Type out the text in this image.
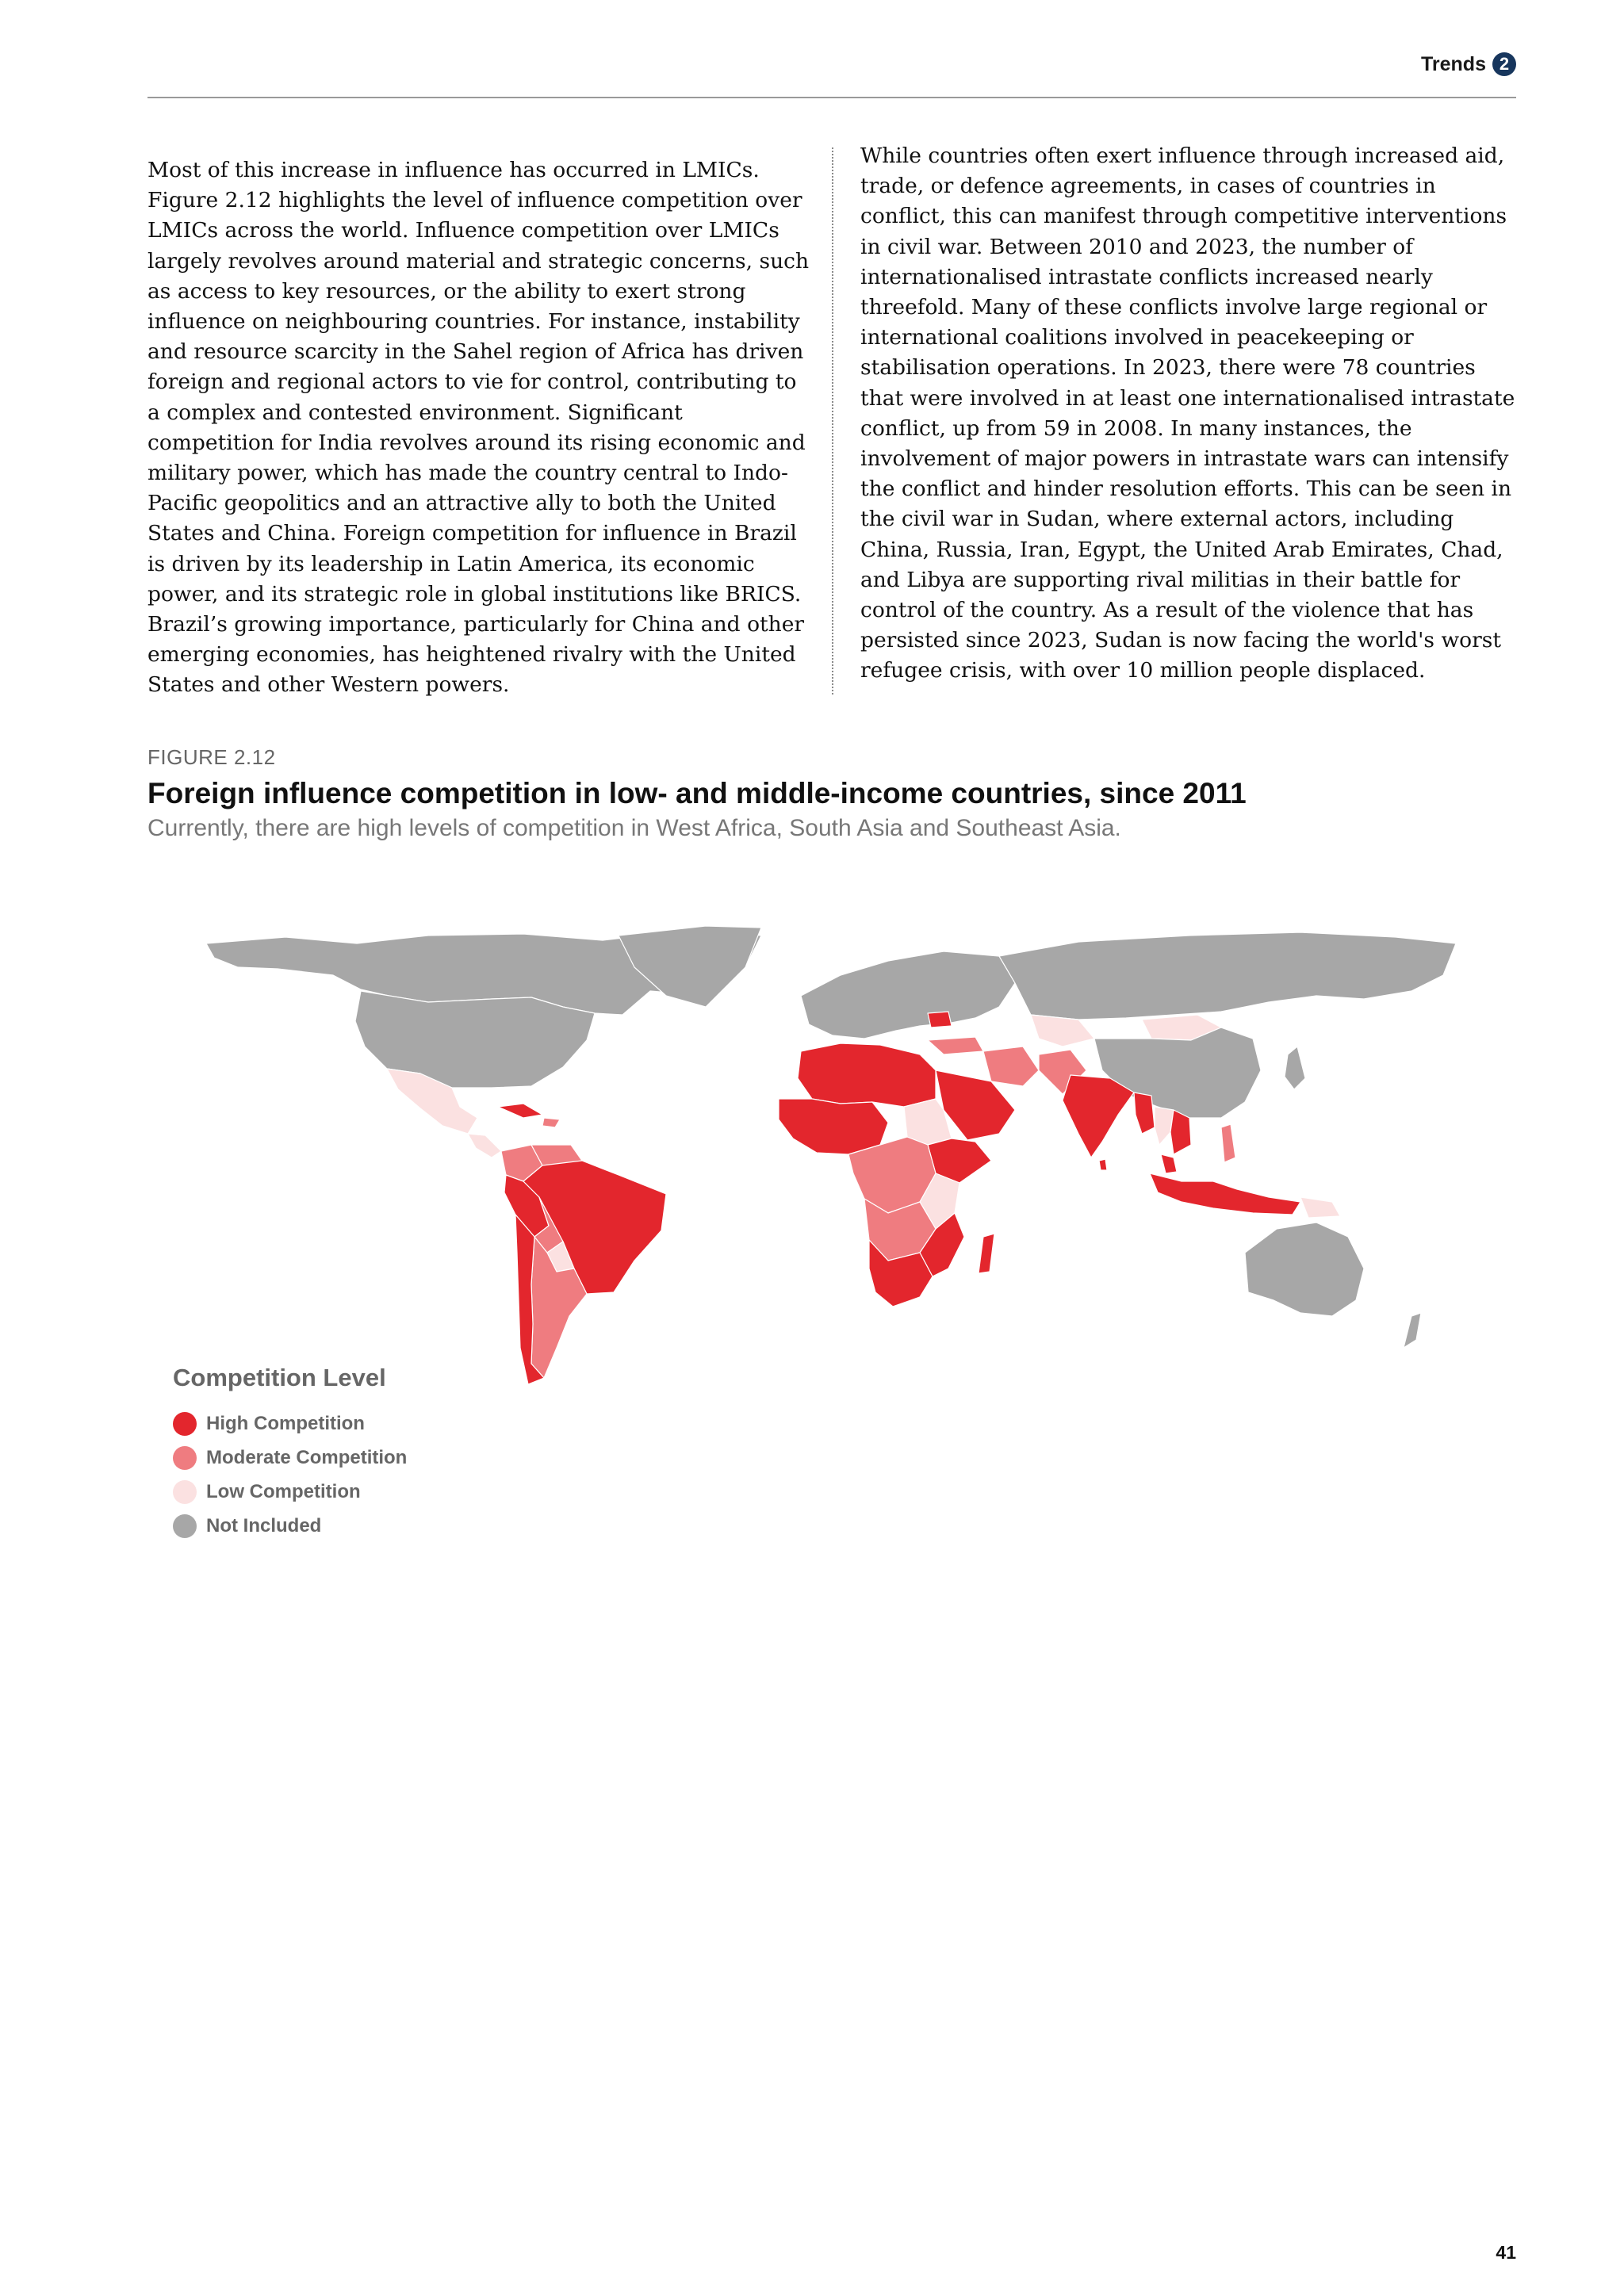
Trends 2

Most of this increase in influence has occurred in LMICs. Figure 2.12 highlights the level of influence competition over LMICs across the world. Influence competition over LMICs largely revolves around material and strategic concerns, such as access to key resources, or the ability to exert strong influence on neighbouring countries. For instance, instability and resource scarcity in the Sahel region of Africa has driven foreign and regional actors to vie for control, contributing to a complex and contested environment. Significant competition for India revolves around its rising economic and military power, which has made the country central to Indo-Pacific geopolitics and an attractive ally to both the United States and China. Foreign competition for influence in Brazil is driven by its leadership in Latin America, its economic power, and its strategic role in global institutions like BRICS. Brazil’s growing importance, particularly for China and other emerging economies, has heightened rivalry with the United States and other Western powers.

While countries often exert influence through increased aid, trade, or defence agreements, in cases of countries in conflict, this can manifest through competitive interventions in civil war. Between 2010 and 2023, the number of internationalised intrastate conflicts increased nearly threefold. Many of these conflicts involve large regional or international coalitions involved in peacekeeping or stabilisation operations. In 2023, there were 78 countries that were involved in at least one internationalised intrastate conflict, up from 59 in 2008. In many instances, the involvement of major powers in intrastate wars can intensify the conflict and hinder resolution efforts. This can be seen in the civil war in Sudan, where external actors, including China, Russia, Iran, Egypt, the United Arab Emirates, Chad, and Libya are supporting rival militias in their battle for control of the country. As a result of the violence that has persisted since 2023, Sudan is now facing the world's worst refugee crisis, with over 10 million people displaced.

FIGURE 2.12
Foreign influence competition in low- and middle-income countries, since 2011
Currently, there are high levels of competition in West Africa, South Asia and Southeast Asia.
Competition Level
High Competition
Moderate Competition
Low Competition
Not Included
41
